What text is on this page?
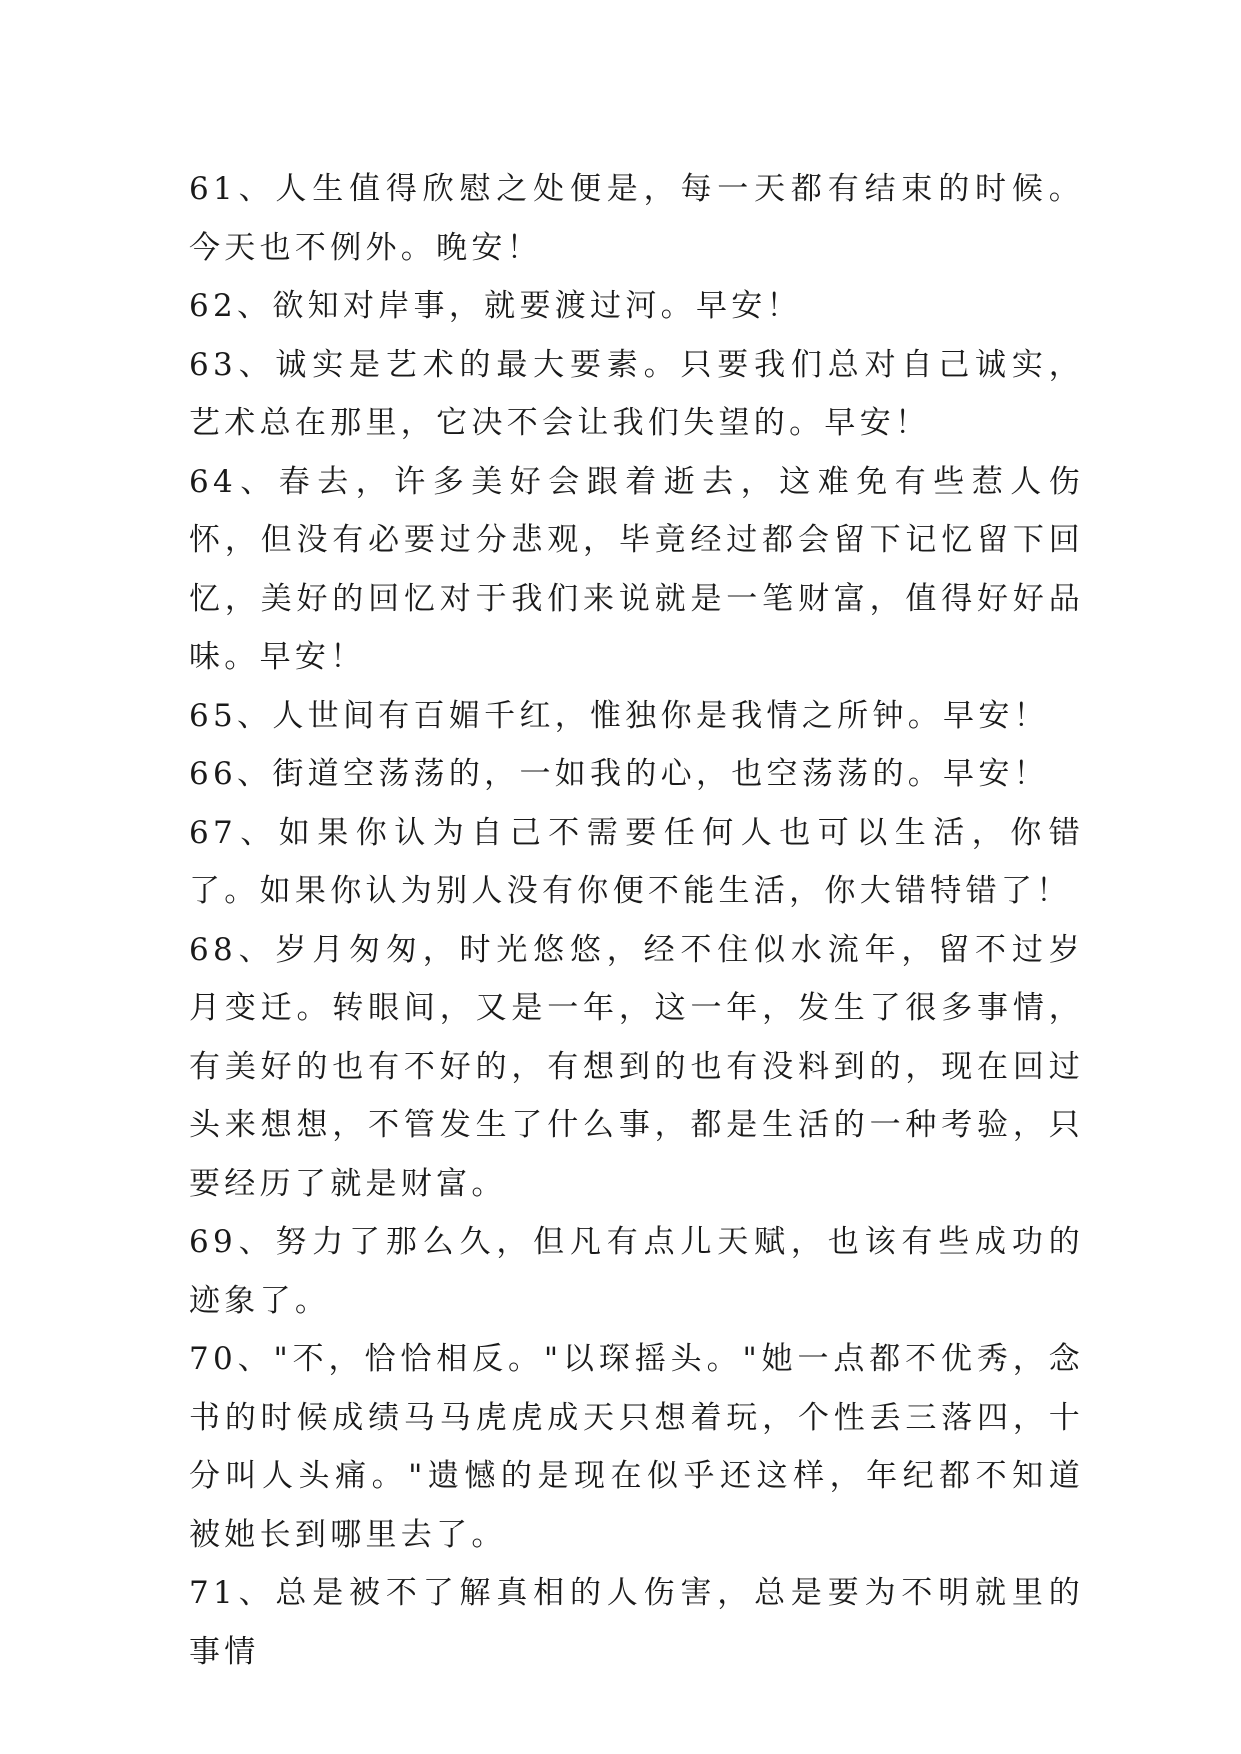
61、人生值得欣慰之处便是，每一天都有结束的时候。今天也不例外。晚安！

62、欲知对岸事，就要渡过河。早安！

63、诚实是艺术的最大要素。只要我们总对自己诚实，艺术总在那里，它决不会让我们失望的。早安！

64、春去，许多美好会跟着逝去，这难免有些惹人伤怀，但没有必要过分悲观，毕竟经过都会留下记忆留下回忆，美好的回忆对于我们来说就是一笔财富，值得好好品味。早安！

65、人世间有百媚千红，惟独你是我情之所钟。早安！

66、街道空荡荡的，一如我的心，也空荡荡的。早安！

67、如果你认为自己不需要任何人也可以生活，你错了。如果你认为别人没有你便不能生活，你大错特错了！

68、岁月匆匆，时光悠悠，经不住似水流年，留不过岁月变迁。转眼间，又是一年，这一年，发生了很多事情，有美好的也有不好的，有想到的也有没料到的，现在回过头来想想，不管发生了什么事，都是生活的一种考验，只要经历了就是财富。

69、努力了那么久，但凡有点儿天赋，也该有些成功的迹象了。

70、"不，恰恰相反。"以琛摇头。"她一点都不优秀，念书的时候成绩马马虎虎成天只想着玩，个性丢三落四，十分叫人头痛。"遗憾的是现在似乎还这样，年纪都不知道被她长到哪里去了。

71、总是被不了解真相的人伤害，总是要为不明就里的事情
